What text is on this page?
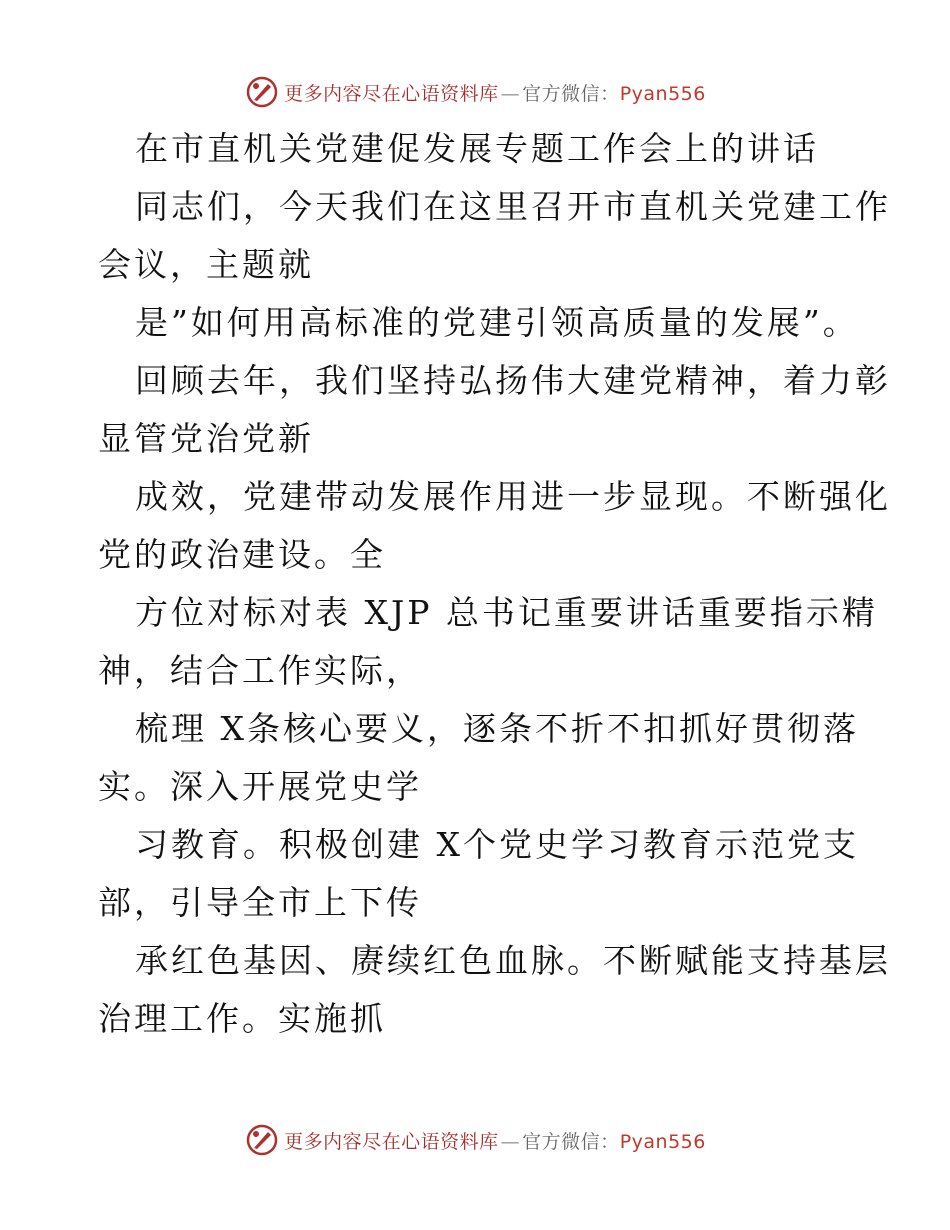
更多内容尽在心语资料库 — 官方微信：Pyan556
在市直机关党建促发展专题工作会上的讲话
同志们，今天我们在这里召开市直机关党建工作
会议，主题就
是”如何用高标准的党建引领高质量的发展”。
回顾去年，我们坚持弘扬伟大建党精神，着力彰
显管党治党新
成效，党建带动发展作用进一步显现。不断强化
党的政治建设。全
方位对标对表 XJP 总书记重要讲话重要指示精
神，结合工作实际，
梳理 X条核心要义，逐条不折不扣抓好贯彻落
实。深入开展党史学
习教育。积极创建 X个党史学习教育示范党支
部，引导全市上下传
承红色基因、赓续红色血脉。不断赋能支持基层
治理工作。实施抓
更多内容尽在心语资料库 — 官方微信：Pyan556
